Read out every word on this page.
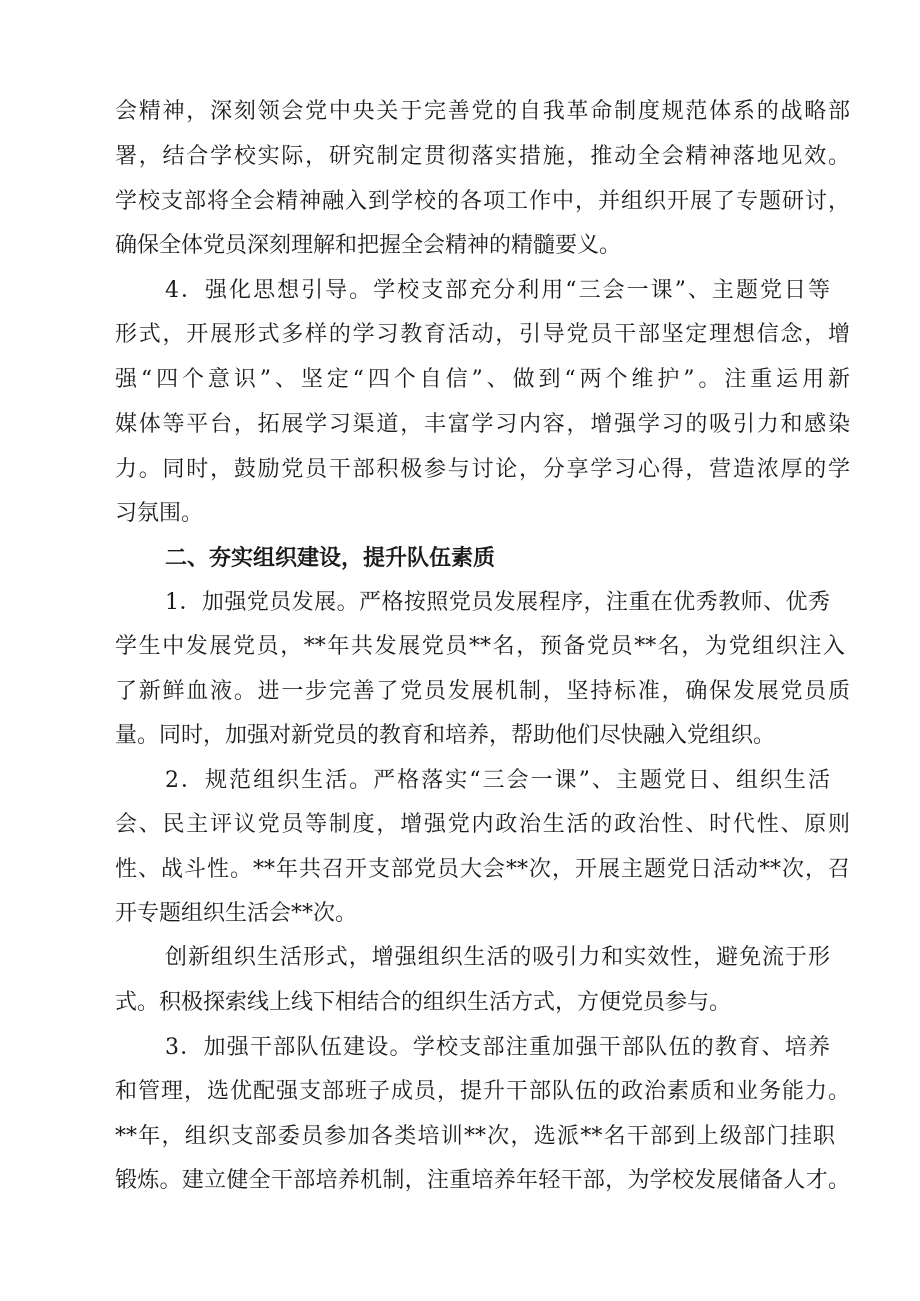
会精神，深刻领会党中央关于完善党的自我革命制度规范体系的战略部
署，结合学校实际，研究制定贯彻落实措施，推动全会精神落地见效。
学校支部将全会精神融入到学校的各项工作中，并组织开展了专题研讨，
确保全体党员深刻理解和把握全会精神的精髓要义。
4．强化思想引导。学校支部充分利用“三会一课”、主题党日等
形式，开展形式多样的学习教育活动，引导党员干部坚定理想信念，增
强“四个意识”、坚定“四个自信”、做到“两个维护”。注重运用新
媒体等平台，拓展学习渠道，丰富学习内容，增强学习的吸引力和感染
力。同时，鼓励党员干部积极参与讨论，分享学习心得，营造浓厚的学
习氛围。
二、夯实组织建设，提升队伍素质
1．加强党员发展。严格按照党员发展程序，注重在优秀教师、优秀
学生中发展党员，**年共发展党员**名，预备党员**名，为党组织注入
了新鲜血液。进一步完善了党员发展机制，坚持标准，确保发展党员质
量。同时，加强对新党员的教育和培养，帮助他们尽快融入党组织。
2．规范组织生活。严格落实“三会一课”、主题党日、组织生活
会、民主评议党员等制度，增强党内政治生活的政治性、时代性、原则
性、战斗性。**年共召开支部党员大会**次，开展主题党日活动**次，召
开专题组织生活会**次。
创新组织生活形式，增强组织生活的吸引力和实效性，避免流于形
式。积极探索线上线下相结合的组织生活方式，方便党员参与。
3．加强干部队伍建设。学校支部注重加强干部队伍的教育、培养
和管理，选优配强支部班子成员，提升干部队伍的政治素质和业务能力。
**年，组织支部委员参加各类培训**次，选派**名干部到上级部门挂职
锻炼。建立健全干部培养机制，注重培养年轻干部，为学校发展储备人才。
